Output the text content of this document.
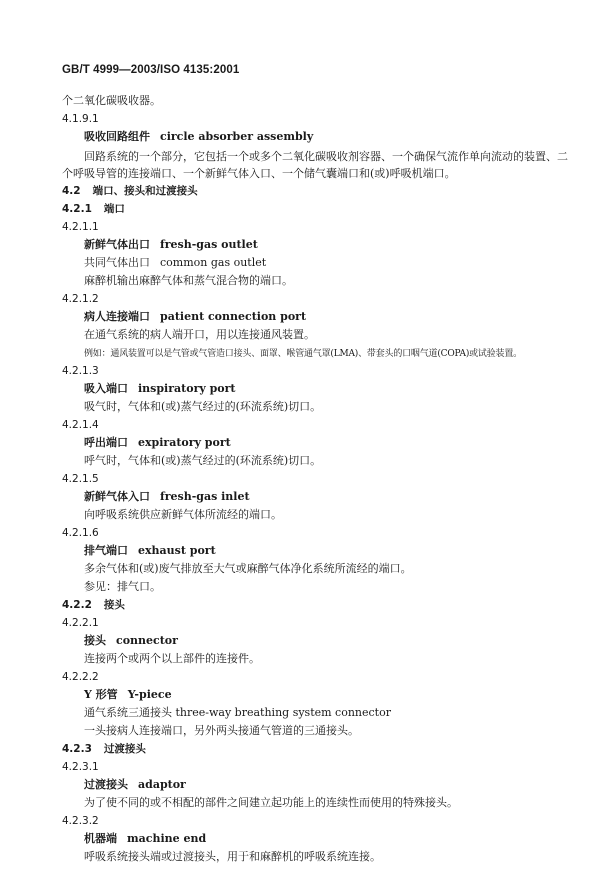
GB/T 4999—2003/ISO 4135:2001
个二氧化碳吸收器。
4.1.9.1
吸收回路组件 circle absorber assembly
回路系统的一个部分，它包括一个或多个二氧化碳吸收剂容器、一个确保气流作单向流动的装置、二个呼吸导管的连接端口、一个新鲜气体入口、一个储气囊端口和(或)呼吸机端口。
4.2 端口、接头和过渡接头
4.2.1 端口
4.2.1.1
新鲜气体出口 fresh-gas outlet
共同气体出口 common gas outlet
麻醉机输出麻醉气体和蒸气混合物的端口。
4.2.1.2
病人连接端口 patient connection port
在通气系统的病人端开口，用以连接通风装置。
例如：通风装置可以是气管或气管造口接头、面罩、喉管通气罩(LMA)、带套头的口咽气道(COPA)或试验装置。
4.2.1.3
吸入端口 inspiratory port
吸气时，气体和(或)蒸气经过的(环流系统)切口。
4.2.1.4
呼出端口 expiratory port
呼气时，气体和(或)蒸气经过的(环流系统)切口。
4.2.1.5
新鲜气体入口 fresh-gas inlet
向呼吸系统供应新鲜气体所流经的端口。
4.2.1.6
排气端口 exhaust port
多余气体和(或)废气排放至大气或麻醉气体净化系统所流经的端口。
参见：排气口。
4.2.2 接头
4.2.2.1
接头 connector
连接两个或两个以上部件的连接件。
4.2.2.2
Y 形管 Y-piece
通气系统三通接头 three-way breathing system connector
一头接病人连接端口，另外两头接通气管道的三通接头。
4.2.3 过渡接头
4.2.3.1
过渡接头 adaptor
为了使不同的或不相配的部件之间建立起功能上的连续性而使用的特殊接头。
4.2.3.2
机器端 machine end
呼吸系统接头端或过渡接头，用于和麻醉机的呼吸系统连接。
